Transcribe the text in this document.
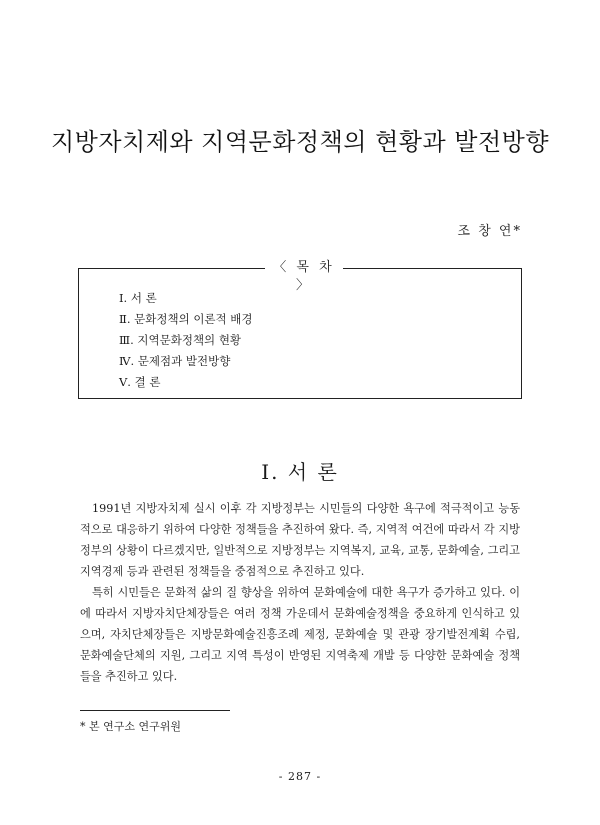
지방자치제와 지역문화정책의 현황과 발전방향
조 창 연*
〈 목 차 〉
Ⅰ. 서 론
Ⅱ. 문화정책의 이론적 배경
Ⅲ. 지역문화정책의 현황
Ⅳ. 문제점과 발전방향
Ⅴ. 결 론
Ⅰ. 서 론

1991년 지방자치제 실시 이후 각 지방정부는 시민들의 다양한 욕구에 적극적이고 능동적으로 대응하기 위하여 다양한 정책들을 추진하여 왔다. 즉, 지역적 여건에 따라서 각 지방정부의 상황이 다르겠지만, 일반적으로 지방정부는 지역복지, 교육, 교통, 문화예술, 그리고 지역경제 등과 관련된 정책들을 중점적으로 추진하고 있다.

특히 시민들은 문화적 삶의 질 향상을 위하여 문화예술에 대한 욕구가 증가하고 있다. 이에 따라서 지방자치단체장들은 여러 정책 가운데서 문화예술정책을 중요하게 인식하고 있으며, 자치단체장들은 지방문화예술진흥조례 제정, 문화예술 및 관광 장기발전계획 수립, 문화예술단체의 지원, 그리고 지역 특성이 반영된 지역축제 개발 등 다양한 문화예술 정책들을 추진하고 있다.

* 본 연구소 연구위원
- 287 -
